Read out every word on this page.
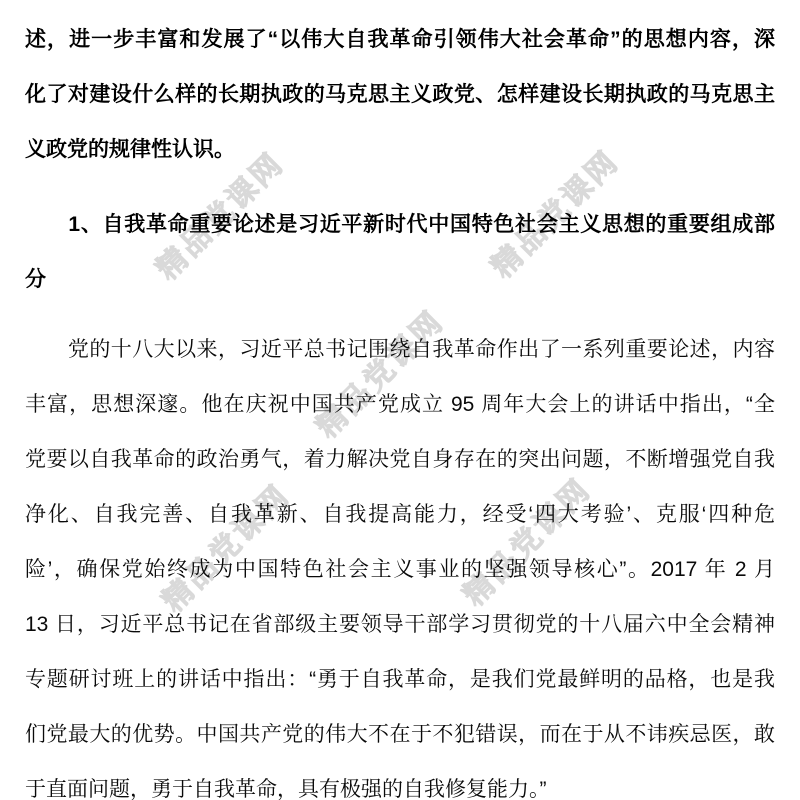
精品党课网	精品党课网
精品党课网
精品党课网	精品党课网
述，进一步丰富和发展了“以伟大自我革命引领伟大社会革命”的思想内容，深
化了对建设什么样的长期执政的马克思主义政党、怎样建设长期执政的马克思主
义政党的规律性认识。
　　1、自我革命重要论述是习近平新时代中国特色社会主义思想的重要组成部
分
　　党的十八大以来，习近平总书记围绕自我革命作出了一系列重要论述，内容
丰富，思想深邃。他在庆祝中国共产党成立 95 周年大会上的讲话中指出，“全
党要以自我革命的政治勇气，着力解决党自身存在的突出问题，不断增强党自我
净化、自我完善、自我革新、自我提高能力，经受‘四大考验’、克服‘四种危
险’，确保党始终成为中国特色社会主义事业的坚强领导核心”。2017 年 2 月
13 日，习近平总书记在省部级主要领导干部学习贯彻党的十八届六中全会精神
专题研讨班上的讲话中指出：“勇于自我革命，是我们党最鲜明的品格，也是我
们党最大的优势。中国共产党的伟大不在于不犯错误，而在于从不讳疾忌医，敢
于直面问题，勇于自我革命，具有极强的自我修复能力。”
